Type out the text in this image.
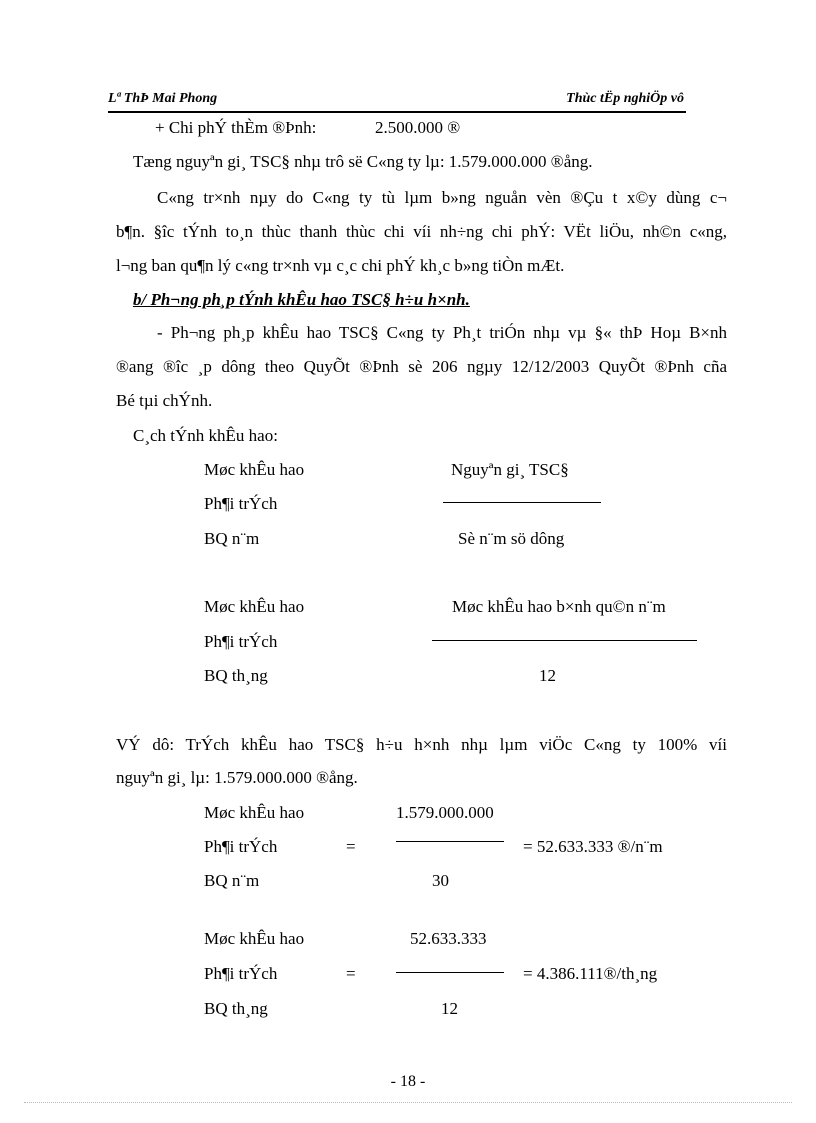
Lª ThÞ Mai Phong	Thùc tËp nghiÖp vô
+ Chi phÝ thÈm ®Þnh:	2.500.000 ®
Tæng nguyªn gi¸ TSC§ nhµ trô së C«ng ty lµ: 1.579.000.000 ®ång.
C«ng tr×nh nµy do C«ng ty tù lµm b»ng nguån vèn ®Çu t x©y dùng c¬
b¶n. §îc tÝnh to¸n thùc thanh thùc chi víi nh÷ng chi phÝ: VËt liÖu, nh©n c«ng,
l¬ng ban qu¶n lý c«ng tr×nh vµ c¸c chi phÝ kh¸c b»ng tiÒn mÆt.
b/ Ph¬ng ph¸p tÝnh khÊu hao TSC§ h÷u h×nh.
- Ph¬ng ph¸p khÊu hao TSC§ C«ng ty Ph¸t triÓn nhµ vµ §« thÞ Hoµ B×nh
®ang ®îc ¸p dông theo QuyÕt ®Þnh sè 206 ngµy 12/12/2003 QuyÕt ®Þnh cña
Bé tµi chÝnh.
C¸ch tÝnh khÊu hao:
Møc khÊu hao
Ph¶i trÝch
BQ n¨m
Nguyªn gi¸ TSC§
Sè n¨m sö dông
Møc khÊu hao
Ph¶i trÝch
BQ th¸ng
Møc khÊu hao b×nh qu©n n¨m
12
VÝ dô: TrÝch khÊu hao TSC§ h÷u h×nh nhµ lµm viÖc C«ng ty 100% víi
nguyªn gi¸ lµ: 1.579.000.000 ®ång.
Møc khÊu hao
Ph¶i trÝch
BQ n¨m
=
1.579.000.000
30
= 52.633.333 ®/n¨m
Møc khÊu hao
Ph¶i trÝch
BQ th¸ng
=
52.633.333
12
= 4.386.111®/th¸ng
- 18 -
